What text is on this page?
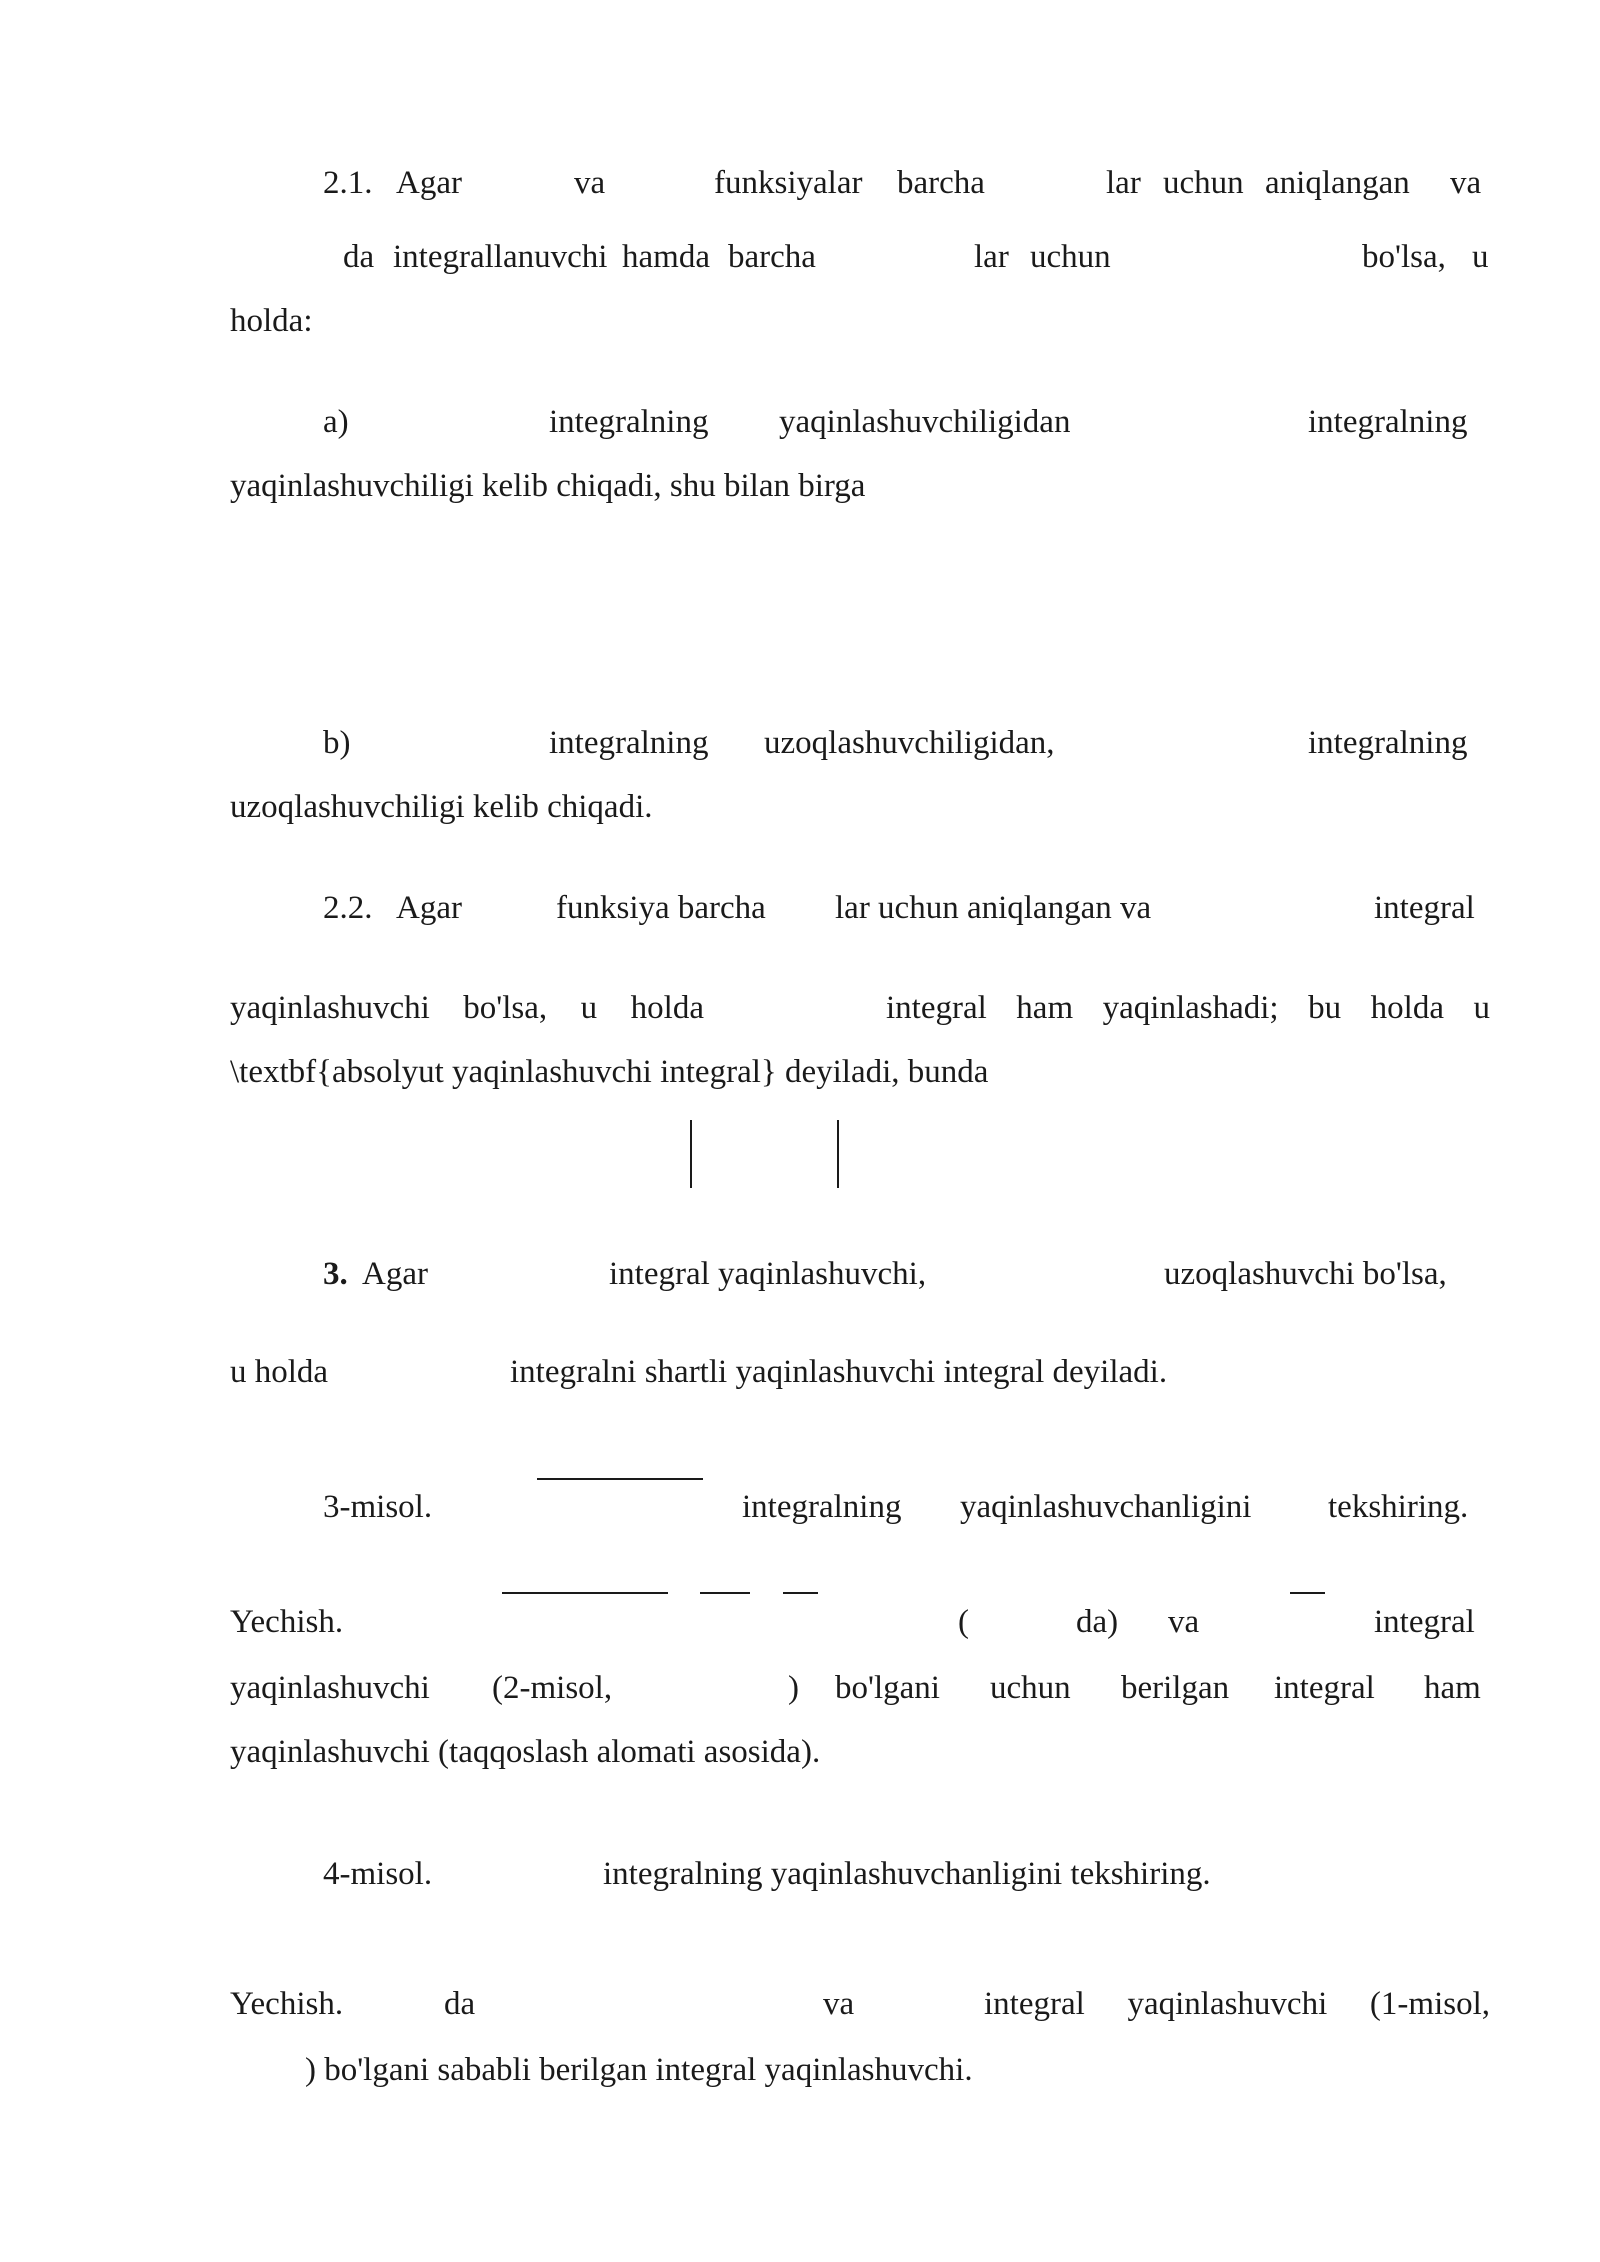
2.1. Agar	va	funksiyalar barcha	lar uchun aniqlangan va
da integrallanuvchi hamda barcha	lar uchun	bo'lsa, u
holda:
a)	integralning yaqinlashuvchiligidan	integralning
yaqinlashuvchiligi kelib chiqadi, shu bilan birga
b)	integralning uzoqlashuvchiligidan,	integralning
uzoqlashuvchiligi kelib chiqadi.
2.2. Agar	funksiya barcha lar uchun aniqlangan va	integral
yaqinlashuvchi bo'lsa, u holda	integral ham yaqinlashadi; bu holda u
\textbf{absolyut yaqinlashuvchi integral} deyiladi, bunda
3. Agar	integral yaqinlashuvchi,	uzoqlashuvchi bo'lsa,
u holda	integralni shartli yaqinlashuvchi integral deyiladi.
3-misol.	integralning yaqinlashuvchanligini tekshiring.
Yechish.	(	da) va	integral
yaqinlashuvchi (2-misol,	) bo'lgani uchun berilgan integral ham
yaqinlashuvchi (taqqoslash alomati asosida).
4-misol.	integralning yaqinlashuvchanligini tekshiring.
Yechish.	da	va	integral yaqinlashuvchi (1-misol,
) bo'lgani sababli berilgan integral yaqinlashuvchi.
